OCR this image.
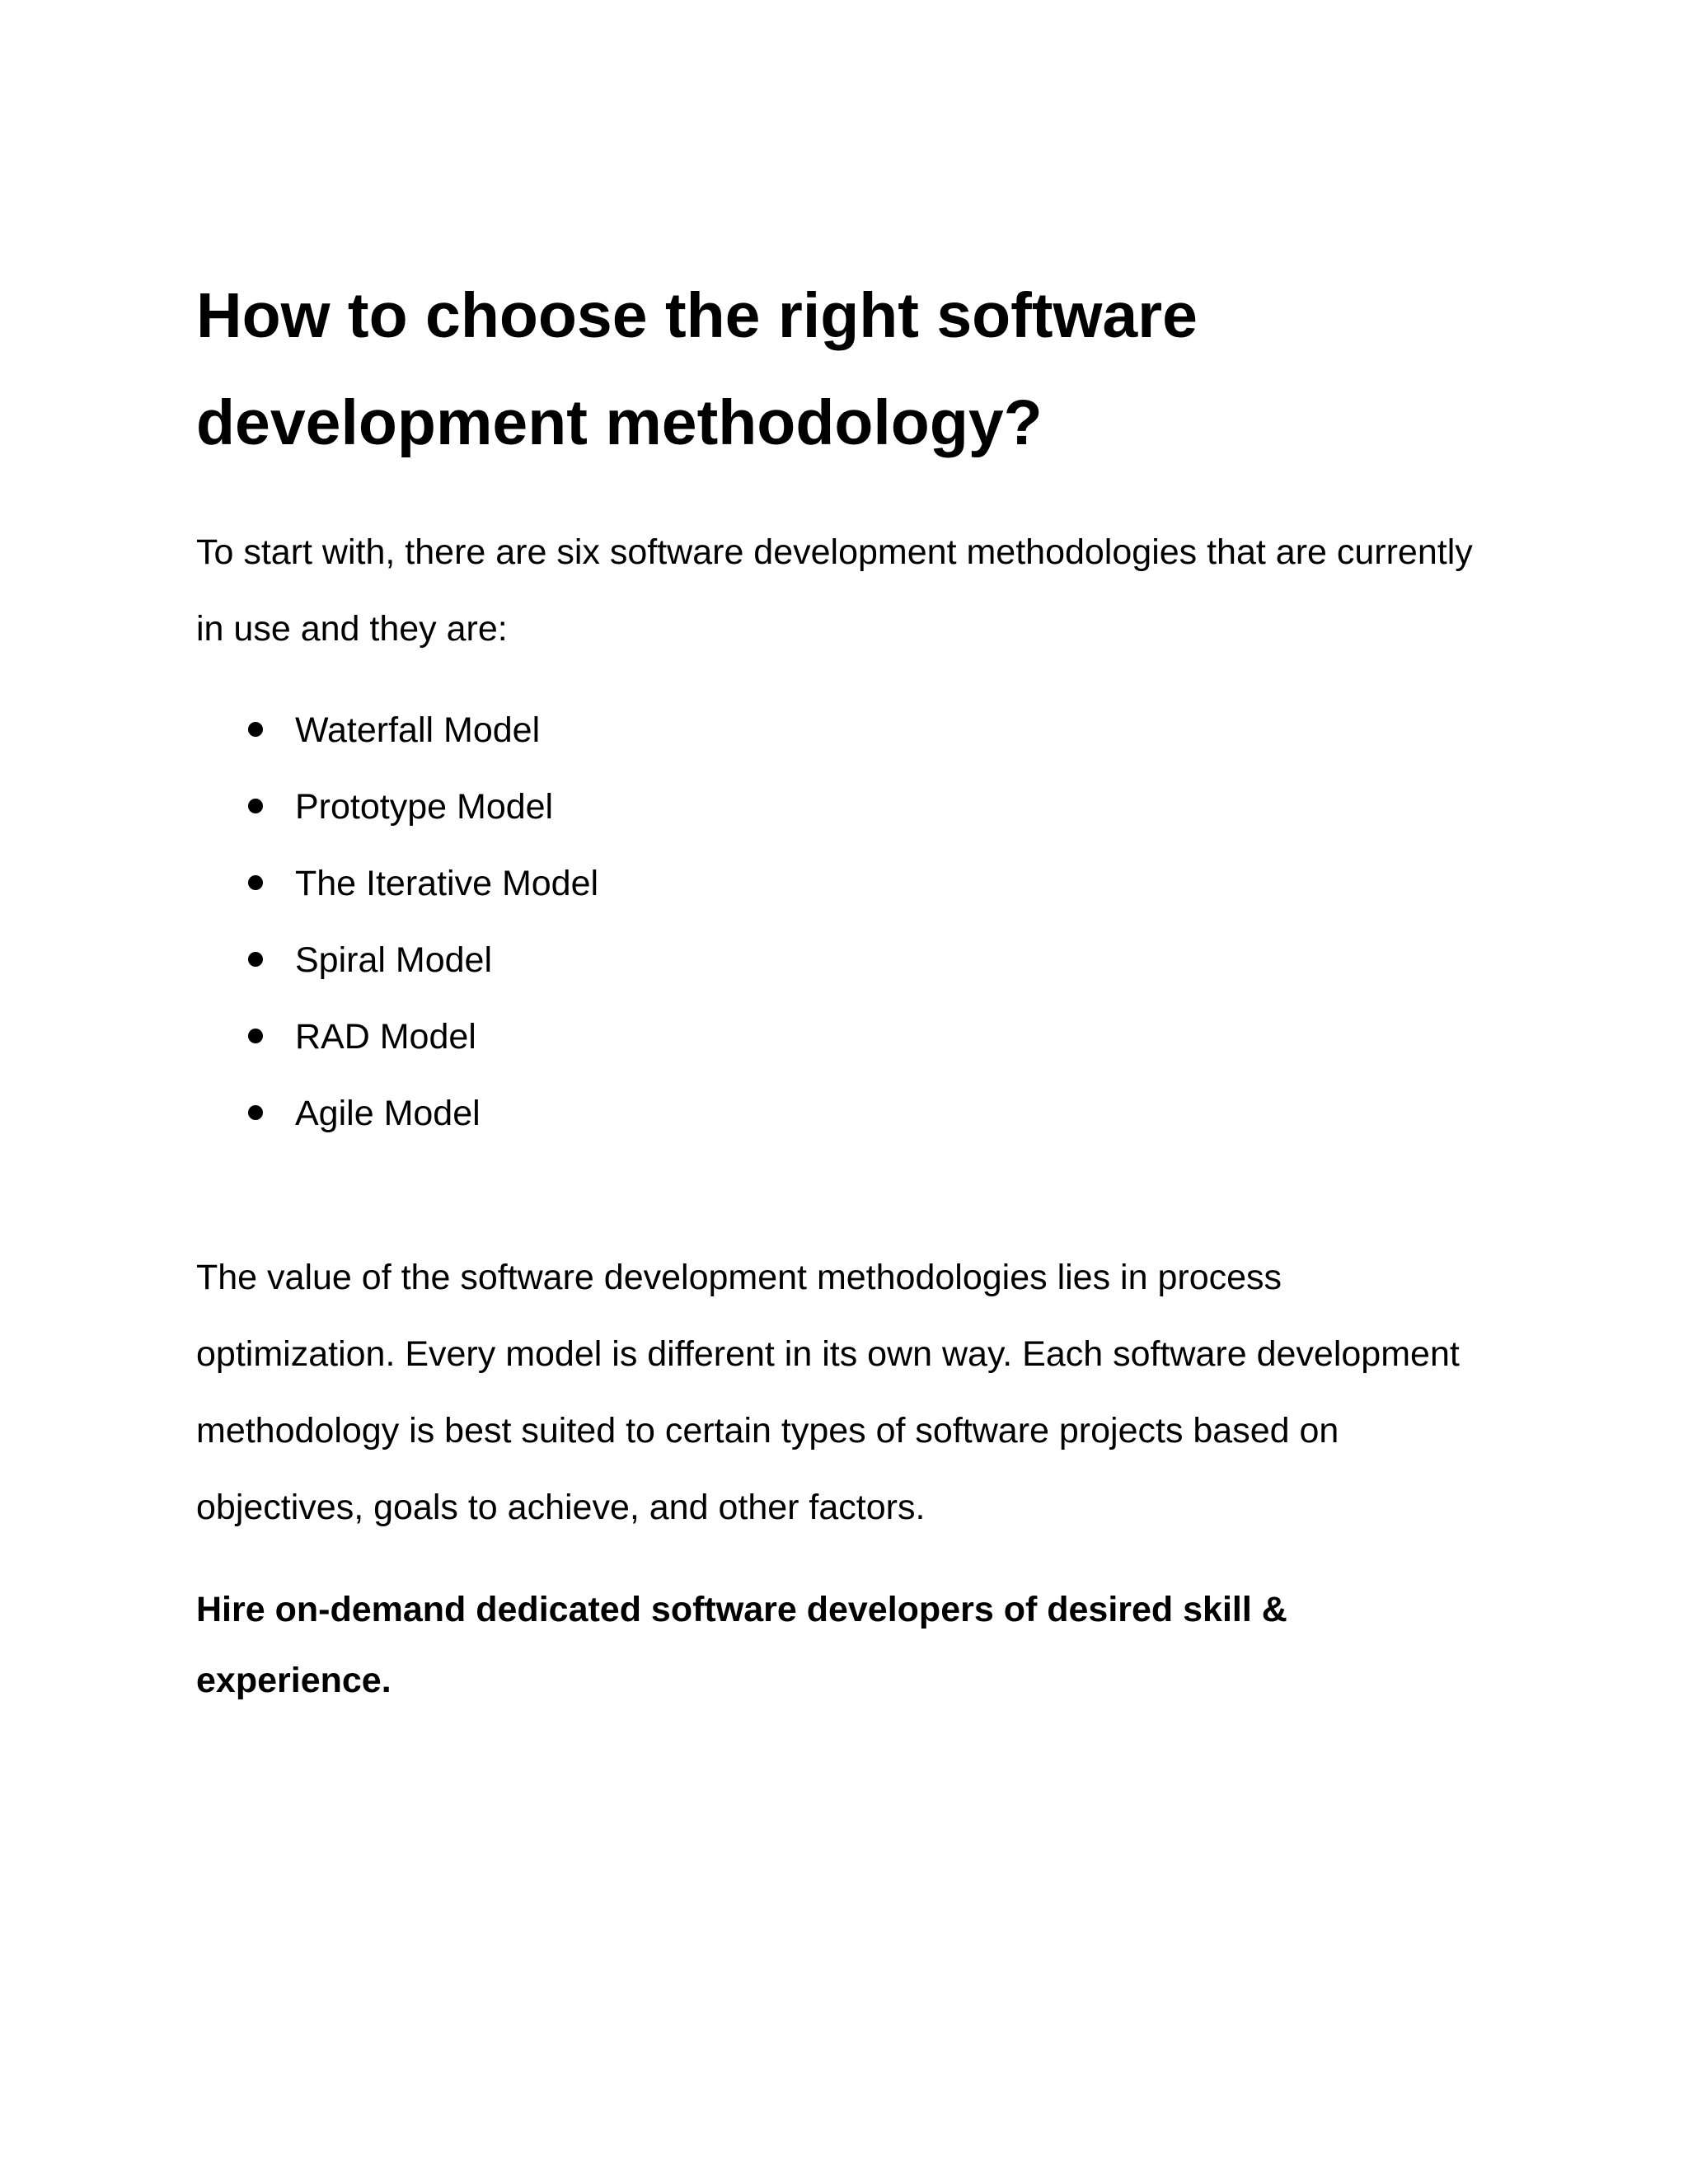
How to choose the right software development methodology?

To start with, there are six software development methodologies that are currently in use and they are:

Waterfall Model
Prototype Model
The Iterative Model
Spiral Model
RAD Model
Agile Model

The value of the software development methodologies lies in process optimization. Every model is different in its own way. Each software development methodology is best suited to certain types of software projects based on objectives, goals to achieve, and other factors.

Hire on-demand dedicated software developers of desired skill & experience.
